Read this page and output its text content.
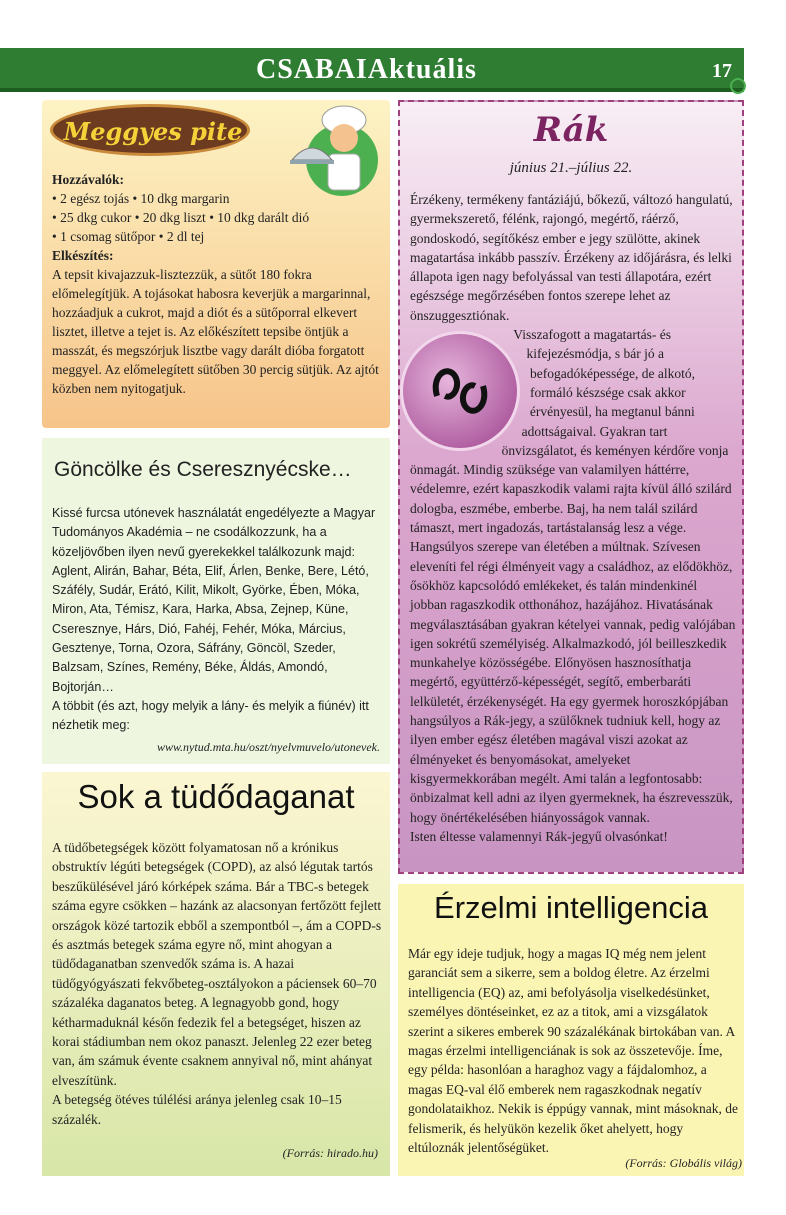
CSABAIAktuális	17
Meggyes pite
Hozzávalók:
• 2 egész tojás • 10 dkg margarin
• 25 dkg cukor • 20 dkg liszt • 10 dkg darált dió
• 1 csomag sütőpor • 2 dl tej
Elkészítés:
A tepsit kivajazzuk-lisztezzük, a sütőt 180 fokra előmelegítjük. A tojásokat habosra keverjük a margarinnal, hozzáadjuk a cukrot, majd a diót és a sütőporral elkevert lisztet, illetve a tejet is. Az előkészített tepsibe öntjük a masszát, és megszórjuk lisztbe vagy darált dióba forgatott meggyel. Az előmelegített sütőben 30 percig sütjük. Az ajtót közben nem nyitogatjuk.
Göncölke és Cseresznyécske…
Kissé furcsa utónevek használatát engedélyezte a Magyar Tudományos Akadémia – ne csodálkozzunk, ha a közeljövőben ilyen nevű gyerekekkel találkozunk majd: Aglent, Alirán, Bahar, Béta, Elif, Árlen, Benke, Bere, Létó, Száfély, Sudár, Erátó, Kilit, Mikolt, Györke, Ében, Móka, Miron, Ata, Témisz, Kara, Harka, Absa, Zejnep, Küne, Cseresznye, Hárs, Dió, Fahéj, Fehér, Móka, Március, Gesztenye, Torna, Ozora, Sáfrány, Göncöl, Szeder, Balzsam, Színes, Remény, Béke, Áldás, Amondó, Bojtorján…
A többit (és azt, hogy melyik a lány- és melyik a fiúnév) itt nézhetik meg:
www.nytud.mta.hu/oszt/nyelvmuvelo/utonevek.
Sok a tüdődaganat
A tüdőbetegségek között folyamatosan nő a krónikus obstruktív légúti betegségek (COPD), az alsó légutak tartós beszűkülésével járó kórképek száma. Bár a TBC-s betegek száma egyre csökken – hazánk az alacsonyan fertőzött fejlett országok közé tartozik ebből a szempontból –, ám a COPD-s és asztmás betegek száma egyre nő, mint ahogyan a tüdődaganatban szenvedők száma is. A hazai tüdőgyógyászati fekvőbeteg-osztályokon a páciensek 60–70 százaléka daganatos beteg. A legnagyobb gond, hogy kétharmaduknál későn fedezik fel a betegséget, hiszen az korai stádiumban nem okoz panaszt. Jelenleg 22 ezer beteg van, ám számuk évente csaknem annyival nő, mint ahányat elveszítünk.
A betegség ötéves túlélési aránya jelenleg csak 10–15 százalék.
(Forrás: hirado.hu)
Rák
június 21.–július 22.
Érzékeny, termékeny fantáziájú, bőkezű, változó hangulatú, gyermekszerető, félénk, rajongó, megértő, ráérző, gondoskodó, segítőkész ember e jegy szülötte, akinek magatartása inkább passzív. Érzékeny az időjárásra, és lelki állapota igen nagy befolyással van testi állapotára, ezért egészsége megőrzésében fontos szerepe lehet az önszuggesztiónak.
Visszafogott a magatartás- és kifejezésmódja, s bár jó a befogadóképessége, de alkotó, formáló készsége csak akkor érvényesül, ha megtanul bánni adottságaival. Gyakran tart önvizsgálatot, és keményen kérdőre vonja önmagát. Mindig szüksége van valamilyen háttérre, védelemre, ezért kapaszkodik valami rajta kívül álló szilárd dologba, eszmébe, emberbe. Baj, ha nem talál szilárd támaszt, mert ingadozás, tartástalanság lesz a vége. Hangsúlyos szerepe van életében a múltnak. Szívesen eleveníti fel régi élményeit vagy a családhoz, az elődökhöz, ősökhöz kapcsolódó emlékeket, és talán mindenkinél jobban ragaszkodik otthonához, hazájához. Hivatásának megválasztásában gyakran kételyei vannak, pedig valójában igen sokrétű személyiség. Alkalmazkodó, jól beilleszkedik munkahelye közösségébe. Előnyösen hasznosíthatja megértő, együttérző-képességét, segítő, emberbaráti lelkületét, érzékenységét. Ha egy gyermek horoszkópjában hangsúlyos a Rák-jegy, a szülőknek tudniuk kell, hogy az ilyen ember egész életében magával viszi azokat az élményeket és benyomásokat, amelyeket kisgyermekkorában megélt. Ami talán a legfontosabb: önbizalmat kell adni az ilyen gyermeknek, ha észrevesszük, hogy önértékelésében hiányosságok vannak.
Isten éltesse valamennyi Rák-jegyű olvasónkat!
Érzelmi intelligencia
Már egy ideje tudjuk, hogy a magas IQ még nem jelent garanciát sem a sikerre, sem a boldog életre. Az érzelmi intelligencia (EQ) az, ami befolyásolja viselkedésünket, személyes döntéseinket, ez az a titok, ami a vizsgálatok szerint a sikeres emberek 90 százalékának birtokában van. A magas érzelmi intelligenciának is sok az összetevője. Íme, egy példa: hasonlóan a haraghoz vagy a fájdalomhoz, a magas EQ-val élő emberek nem ragaszkodnak negatív gondolataikhoz. Nekik is éppúgy vannak, mint másoknak, de felismerik, és helyükön kezelik őket ahelyett, hogy eltúloznák jelentőségüket.
(Forrás: Globális világ)
